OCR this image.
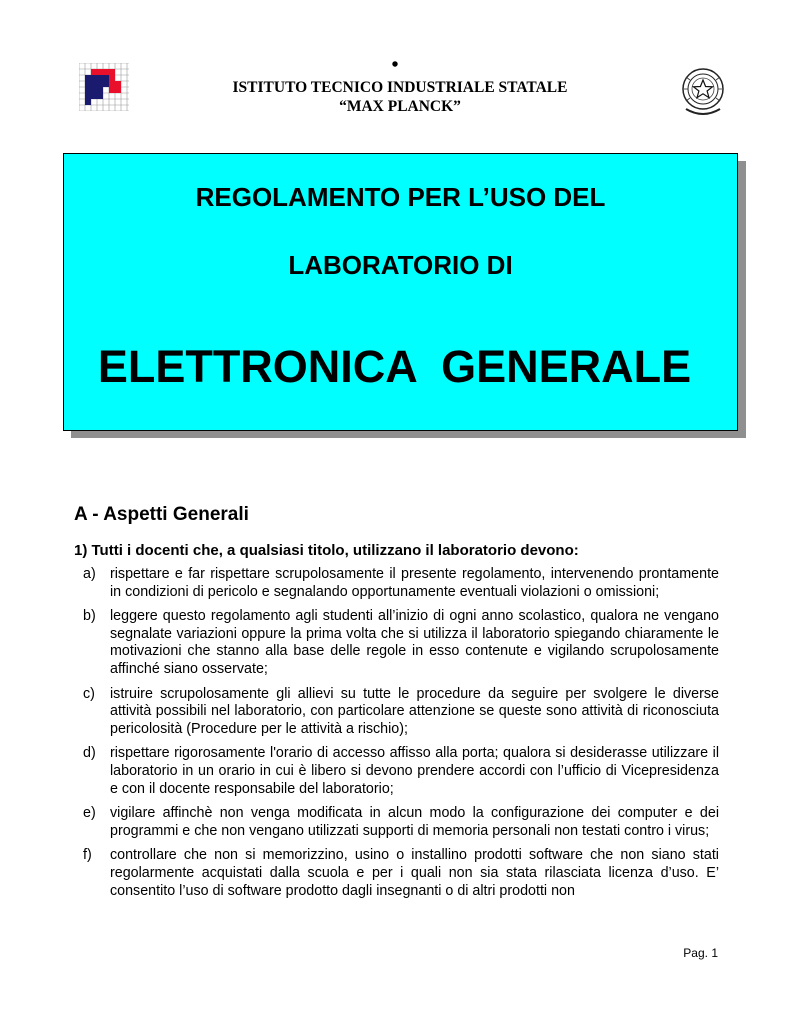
•
ISTITUTO TECNICO INDUSTRIALE STATALE
“MAX PLANCK”
REGOLAMENTO PER L’USO DEL
LABORATORIO DI
ELETTRONICA  GENERALE
A - Aspetti Generali
1) Tutti i docenti che, a qualsiasi titolo, utilizzano il laboratorio devono:
a) rispettare e far rispettare scrupolosamente il presente regolamento, intervenendo prontamente in condizioni di pericolo e segnalando opportunamente eventuali violazioni o omissioni;
b) leggere questo regolamento agli studenti all’inizio di ogni anno scolastico, qualora ne vengano segnalate variazioni oppure la prima volta che si utilizza il laboratorio spiegando chiaramente le motivazioni che stanno alla base delle regole in esso contenute e vigilando scrupolosamente affinché siano osservate;
c) istruire scrupolosamente gli allievi su tutte le procedure da seguire per svolgere le diverse attività possibili nel laboratorio, con particolare attenzione se queste sono attività di riconosciuta pericolosità (Procedure per le attività a rischio);
d) rispettare rigorosamente l'orario di accesso affisso alla porta; qualora si desiderasse utilizzare il laboratorio in un orario in cui è libero si devono prendere accordi con l’ufficio di Vicepresidenza e con il docente responsabile del laboratorio;
e) vigilare affinchè non venga modificata in alcun modo la configurazione dei computer e dei programmi e che non vengano utilizzati supporti di memoria personali non testati contro i virus;
f) controllare che non si memorizzino, usino o installino prodotti software che non siano stati regolarmente acquistati dalla scuola e per i quali non sia stata rilasciata licenza d’uso. E’ consentito l’uso di software prodotto dagli insegnanti o di altri prodotti non
Pag. 1
